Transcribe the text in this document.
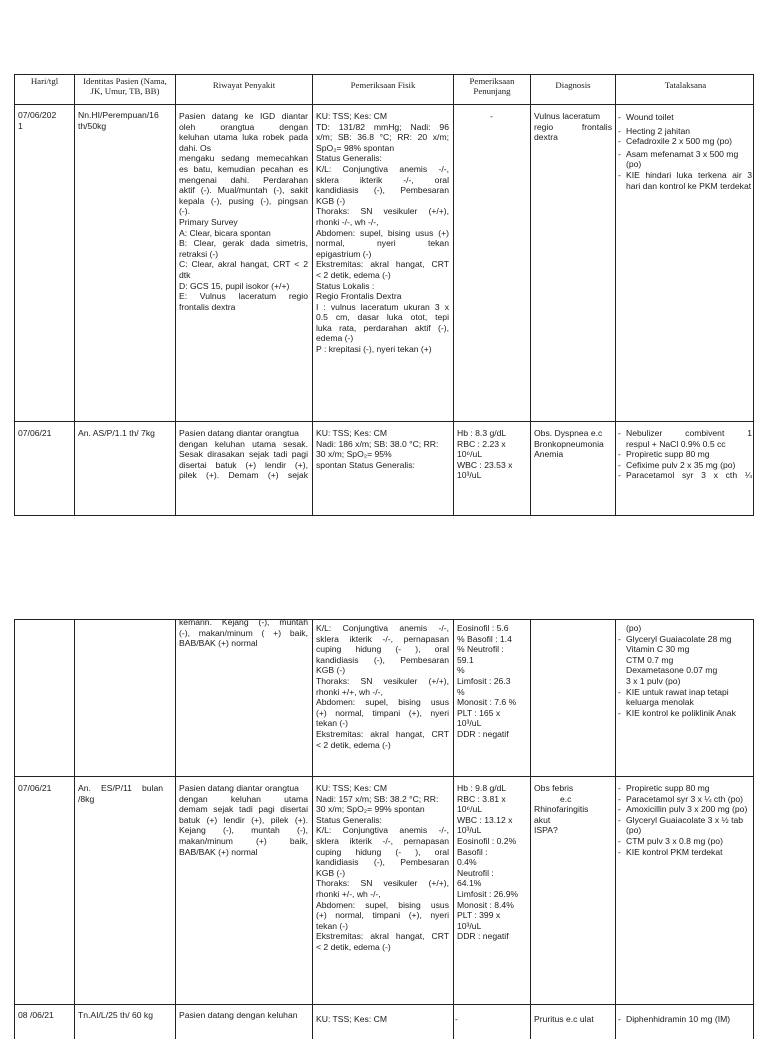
Hari/tgl	Identitas Pasien (Nama, JK, Umur, TB, BB)
Riwayat Penyakit	Pemeriksaan Fisik	Pemeriksaan Penunjang
Diagnosis	Tatalaksana
07/06/202
1
Nn.HI/Perempuan/16
th/50kg
Pasien datang ke IGD diantar
oleh orangtua dengan
keluhan utama luka robek pada
dahi. Os
mengaku sedang memecahkan
es batu, kemudian pecahan es
mengenai dahi. Perdarahan
aktif (-). Mual/muntah (-), sakit
kepala (-), pusing (-), pingsan
(-).
Primary Survey
A: Clear, bicara spontan
B: Clear, gerak dada simetris,
retraksi (-)
C: Clear, akral hangat, CRT < 2
dtk
D: GCS 15, pupil isokor (+/+)
E: Vulnus laceratum regio
frontalis dextra
KU: TSS; Kes: CM
TD: 131/82 mmHg; Nadi: 96
x/m; SB: 36.8 °C; RR: 20 x/m;
SpO₂= 98% spontan
Status Generalis:
K/L: Conjungtiva anemis -/-,
sklera ikterik -/-, oral
kandidiasis (-), Pembesaran
KGB (-)
Thoraks: SN vesikuler (+/+),
rhonki -/-, wh -/-,
Abdomen: supel, bising usus (+)
normal, nyeri tekan
epigastrium (-)
Ekstremitas: akral hangat, CRT
< 2 detik, edema (-)
Status Lokalis :
Regio Frontalis Dextra
I : vulnus laceratum ukuran 3 x
0.5 cm, dasar luka otot, tepi
luka rata, perdarahan aktif (-),
edema (-)
P : krepitasi (-), nyeri tekan (+)
-	Vulnus laceratum
regio frontalis
dextra
- Wound toilet
- Hecting 2 jahitan
- Cefadroxile 2 x 500 mg (po)
- Asam mefenamat 3 x 500 mg (po)
- KIE hindari luka terkena air 3 hari dan kontrol ke PKM terdekat
07/06/21	An. AS/P/1.1 th/ 7kg	Pasien datang diantar orangtua
dengan keluhan utama sesak.
Sesak dirasakan sejak tadi pagi
disertai batuk (+) lendir (+),
pilek (+). Demam (+) sejak
KU: TSS; Kes: CM
Nadi: 186 x/m; SB: 38.0 °C; RR:
30 x/m; SpO₂= 95%
spontan Status Generalis:
Hb : 8.3 g/dL
RBC : 2.23 x
10⁶/uL
WBC : 23.53 x
10³/uL
Obs. Dyspnea e.c
Bronkopneumonia
Anemia
- Nebulizer combivent 1
respul + NaCl 0.9% 0.5 cc
- Propiretic supp 80 mg
- Cefixime pulv 2 x 35 mg (po)
- Paracetamol syr 3 x cth ¼
kemarin. Kejang (-), muntah
(-), makan/minum ( +) baik,
BAB/BAK (+) normal
K/L: Conjungtiva anemis -/-,
sklera ikterik -/-, pernapasan
cuping hidung (- ), oral
kandidiasis (-), Pembesaran
KGB (-)
Thoraks: SN vesikuler (+/+),
rhonki +/+, wh -/-,
Abdomen: supel, bising usus
(+) normal, timpani (+), nyeri
tekan (-)
Ekstremitas: akral hangat, CRT
< 2 detik, edema (-)
Eosinofil : 5.6
% Basofil : 1.4
% Neutrofil :
59.1
%
Limfosit : 26.3
%
Monosit : 7.6 %
PLT : 165 x
10³/uL
DDR : negatif
(po)
- Glyceryl Guaiacolate 28 mg
Vitamin C 30 mg
CTM 0.7 mg
Dexametasone 0.07 mg
3 x 1 pulv (po)
- KIE untuk rawat inap tetapi keluarga menolak
- KIE kontrol ke poliklinik Anak
07/06/21	An. ES/P/11 bulan
/8kg
Pasien datang diantar orangtua
dengan keluhan utama
demam sejak tadi pagi disertai
batuk (+) lendir (+), pilek (+).
Kejang (-), muntah (-),
makan/minum (+) baik,
BAB/BAK (+) normal
KU: TSS; Kes: CM
Nadi: 157 x/m; SB: 38.2 °C; RR:
30 x/m; SpO₂= 99% spontan
Status Generalis:
K/L: Conjungtiva anemis -/-,
sklera ikterik -/-, pernapasan
cuping hidung (- ), oral
kandidiasis (-), Pembesaran
KGB (-)
Thoraks: SN vesikuler (+/+),
rhonki +/-, wh -/-,
Abdomen: supel, bising usus
(+) normal, timpani (+), nyeri
tekan (-)
Ekstremitas: akral hangat, CRT
< 2 detik, edema (-)
Hb : 9.8 g/dL
RBC : 3.81 x
10⁶/uL
WBC : 13.12 x
10³/uL
Eosinofil : 0.2%
Basofil :
0.4%
Neutrofil :
64.1%
Limfosit : 26.9%
Monosit : 8.4%
PLT : 399 x
10³/uL
DDR : negatif
Obs febris
e.c
Rhinofaringitis
akut
ISPA?
- Propiretic supp 80 mg
- Paracetamol syr 3 x ¼ cth (po)
- Amoxicillin pulv 3 x 200 mg (po)
- Glyceryl Guaiacolate 3 x ½ tab (po)
- CTM pulv 3 x 0.8 mg (po)
- KIE kontrol PKM terdekat
08 /06/21	Tn.AI/L/25 th/ 60 kg	Pasien datang dengan keluhan	KU: TSS; Kes: CM	-	Pruritus e.c ulat
-	Diphenhidramin 10 mg (IM)
